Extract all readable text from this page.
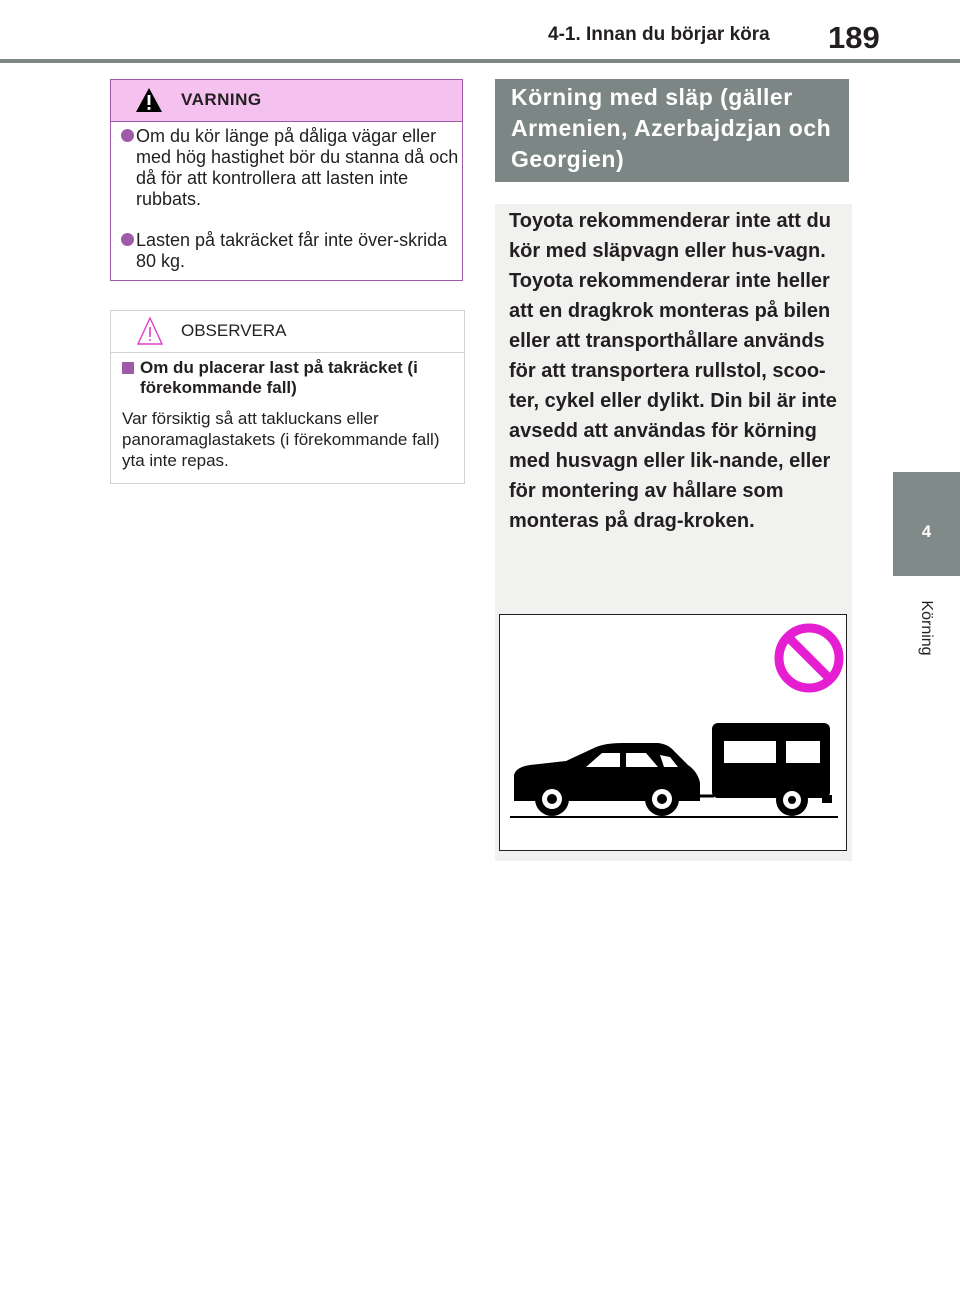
4-1. Innan du börjar köra 189
4
Körning
VARNING
Om du kör länge på dåliga vägar eller med hög hastighet bör du stanna då och då för att kontrollera att lasten inte rubbats.
Lasten på takräcket får inte över-skrida 80 kg.
OBSERVERA
Om du placerar last på takräcket (i förekommande fall)
Var försiktig så att takluckans eller panoramaglastakets (i förekommande fall) yta inte repas.
Körning med släp (gäller Armenien, Azerbajdzjan och Georgien)
Toyota rekommenderar inte att du kör med släpvagn eller hus-vagn. Toyota rekommenderar inte heller att en dragkrok monteras på bilen eller att transporthållare används för att transportera rullstol, scoo-ter, cykel eller dylikt. Din bil är inte avsedd att användas för körning med husvagn eller lik-nande, eller för montering av hållare som monteras på drag-kroken.
